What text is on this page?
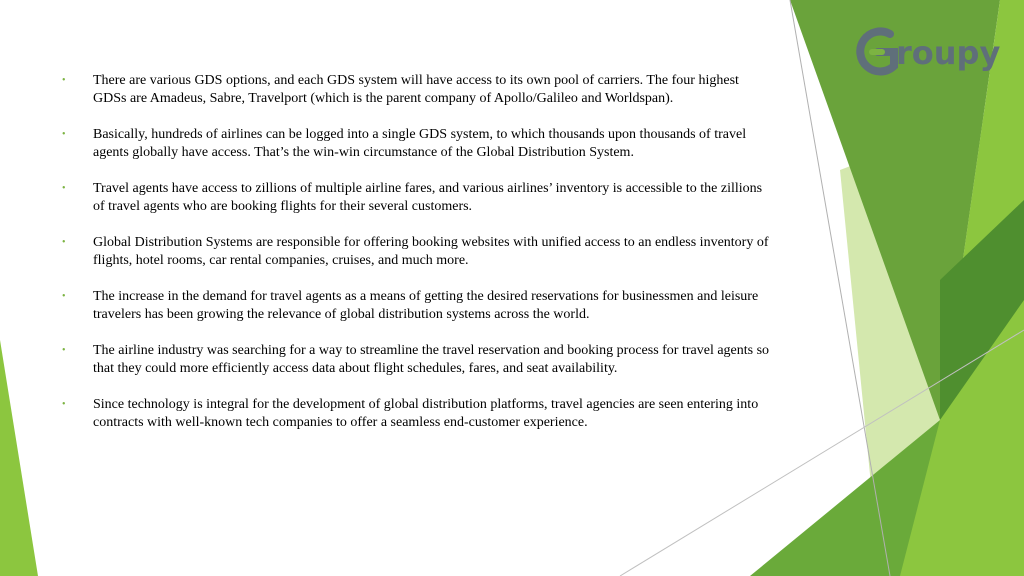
roupy
• There are various GDS options, and each GDS system will have access to its own pool of carriers. The four highest GDSs are Amadeus, Sabre, Travelport (which is the parent company of Apollo/Galileo and Worldspan).
• Basically, hundreds of airlines can be logged into a single GDS system, to which thousands upon thousands of travel agents globally have access. That’s the win-win circumstance of the Global Distribution System.
• Travel agents have access to zillions of multiple airline fares, and various airlines’ inventory is accessible to the zillions of travel agents who are booking flights for their several customers.
• Global Distribution Systems are responsible for offering booking websites with unified access to an endless inventory of flights, hotel rooms, car rental companies, cruises, and much more.
• The increase in the demand for travel agents as a means of getting the desired reservations for businessmen and leisure travelers has been growing the relevance of global distribution systems across the world.
• The airline industry was searching for a way to streamline the travel reservation and booking process for travel agents so that they could more efficiently access data about flight schedules, fares, and seat availability.
• Since technology is integral for the development of global distribution platforms, travel agencies are seen entering into contracts with well-known tech companies to offer a seamless end-customer experience.
